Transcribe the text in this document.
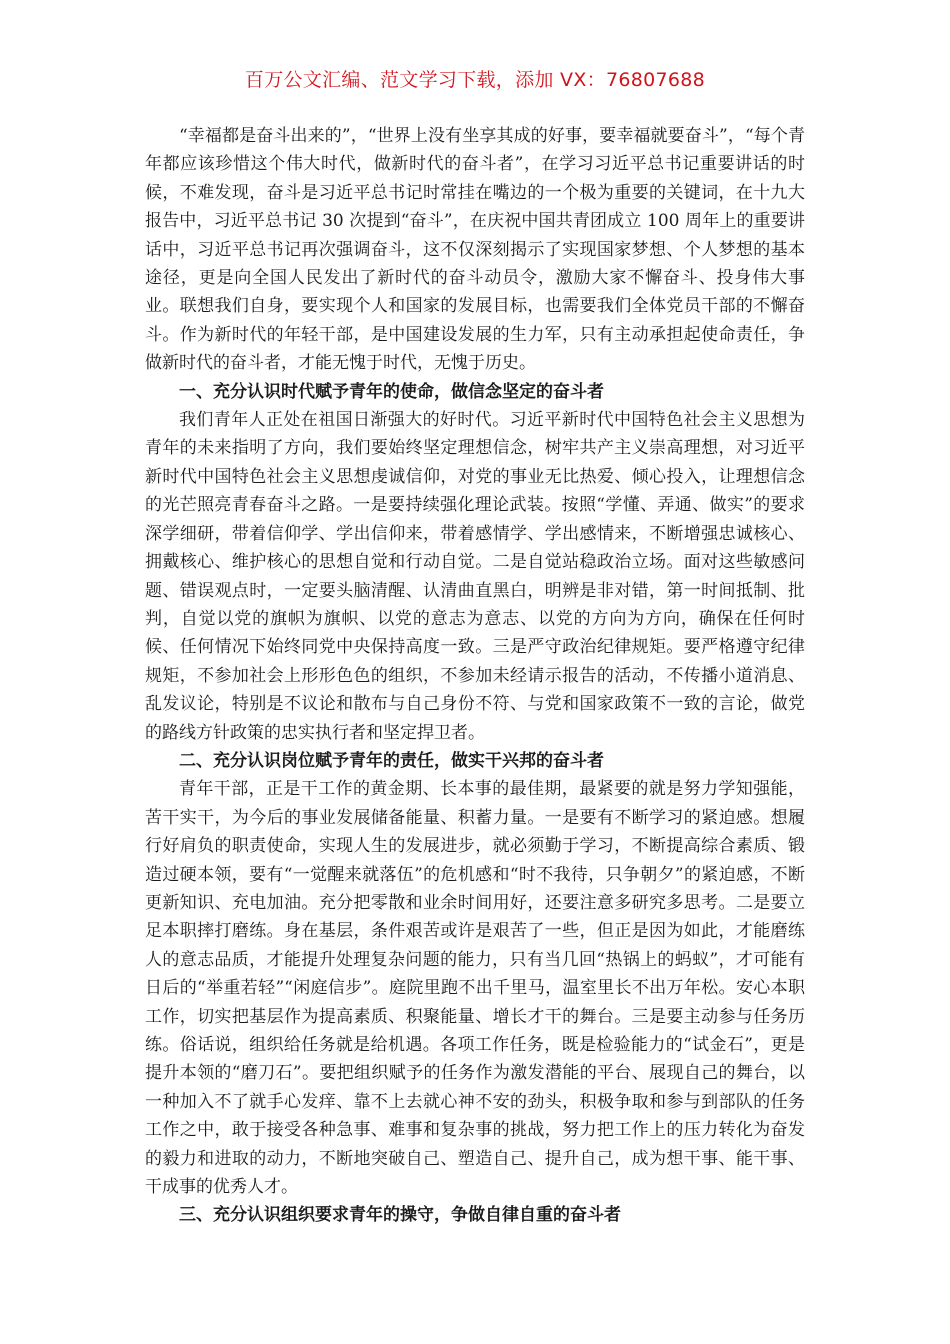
百万公文汇编、范文学习下载，添加 VX：76807688

“幸福都是奋斗出来的”，“世界上没有坐享其成的好事，要幸福就要奋斗”，“每个青年都应该珍惜这个伟大时代，做新时代的奋斗者”，在学习习近平总书记重要讲话的时候，不难发现，奋斗是习近平总书记时常挂在嘴边的一个极为重要的关键词，在十九大报告中，习近平总书记 30 次提到“奋斗”，在庆祝中国共青团成立 100 周年上的重要讲话中，习近平总书记再次强调奋斗，这不仅深刻揭示了实现国家梦想、个人梦想的基本途径，更是向全国人民发出了新时代的奋斗动员令，激励大家不懈奋斗、投身伟大事业。联想我们自身，要实现个人和国家的发展目标，也需要我们全体党员干部的不懈奋斗。作为新时代的年轻干部，是中国建设发展的生力军，只有主动承担起使命责任，争做新时代的奋斗者，才能无愧于时代，无愧于历史。

一、充分认识时代赋予青年的使命，做信念坚定的奋斗者

我们青年人正处在祖国日渐强大的好时代。习近平新时代中国特色社会主义思想为青年的未来指明了方向，我们要始终坚定理想信念，树牢共产主义崇高理想，对习近平新时代中国特色社会主义思想虔诚信仰，对党的事业无比热爱、倾心投入，让理想信念的光芒照亮青春奋斗之路。一是要持续强化理论武装。按照“学懂、弄通、做实”的要求深学细研，带着信仰学、学出信仰来，带着感情学、学出感情来，不断增强忠诚核心、拥戴核心、维护核心的思想自觉和行动自觉。二是自觉站稳政治立场。面对这些敏感问题、错误观点时，一定要头脑清醒、认清曲直黑白，明辨是非对错，第一时间抵制、批判，自觉以党的旗帜为旗帜、以党的意志为意志、以党的方向为方向，确保在任何时候、任何情况下始终同党中央保持高度一致。三是严守政治纪律规矩。要严格遵守纪律规矩，不参加社会上形形色色的组织，不参加未经请示报告的活动，不传播小道消息、乱发议论，特别是不议论和散布与自己身份不符、与党和国家政策不一致的言论，做党的路线方针政策的忠实执行者和坚定捍卫者。

二、充分认识岗位赋予青年的责任，做实干兴邦的奋斗者

青年干部，正是干工作的黄金期、长本事的最佳期，最紧要的就是努力学知强能，苦干实干，为今后的事业发展储备能量、积蓄力量。一是要有不断学习的紧迫感。想履行好肩负的职责使命，实现人生的发展进步，就必须勤于学习，不断提高综合素质、锻造过硬本领，要有“一觉醒来就落伍”的危机感和“时不我待，只争朝夕”的紧迫感，不断更新知识、充电加油。充分把零散和业余时间用好，还要注意多研究多思考。二是要立足本职摔打磨练。身在基层，条件艰苦或许是艰苦了一些，但正是因为如此，才能磨练人的意志品质，才能提升处理复杂问题的能力，只有当几回“热锅上的蚂蚁”，才可能有日后的“举重若轻”“闲庭信步”。庭院里跑不出千里马，温室里长不出万年松。安心本职工作，切实把基层作为提高素质、积聚能量、增长才干的舞台。三是要主动参与任务历练。俗话说，组织给任务就是给机遇。各项工作任务，既是检验能力的“试金石”，更是提升本领的“磨刀石”。要把组织赋予的任务作为激发潜能的平台、展现自己的舞台，以一种加入不了就手心发痒、靠不上去就心神不安的劲头，积极争取和参与到部队的任务工作之中，敢于接受各种急事、难事和复杂事的挑战，努力把工作上的压力转化为奋发的毅力和进取的动力，不断地突破自己、塑造自己、提升自己，成为想干事、能干事、干成事的优秀人才。

三、充分认识组织要求青年的操守，争做自律自重的奋斗者
